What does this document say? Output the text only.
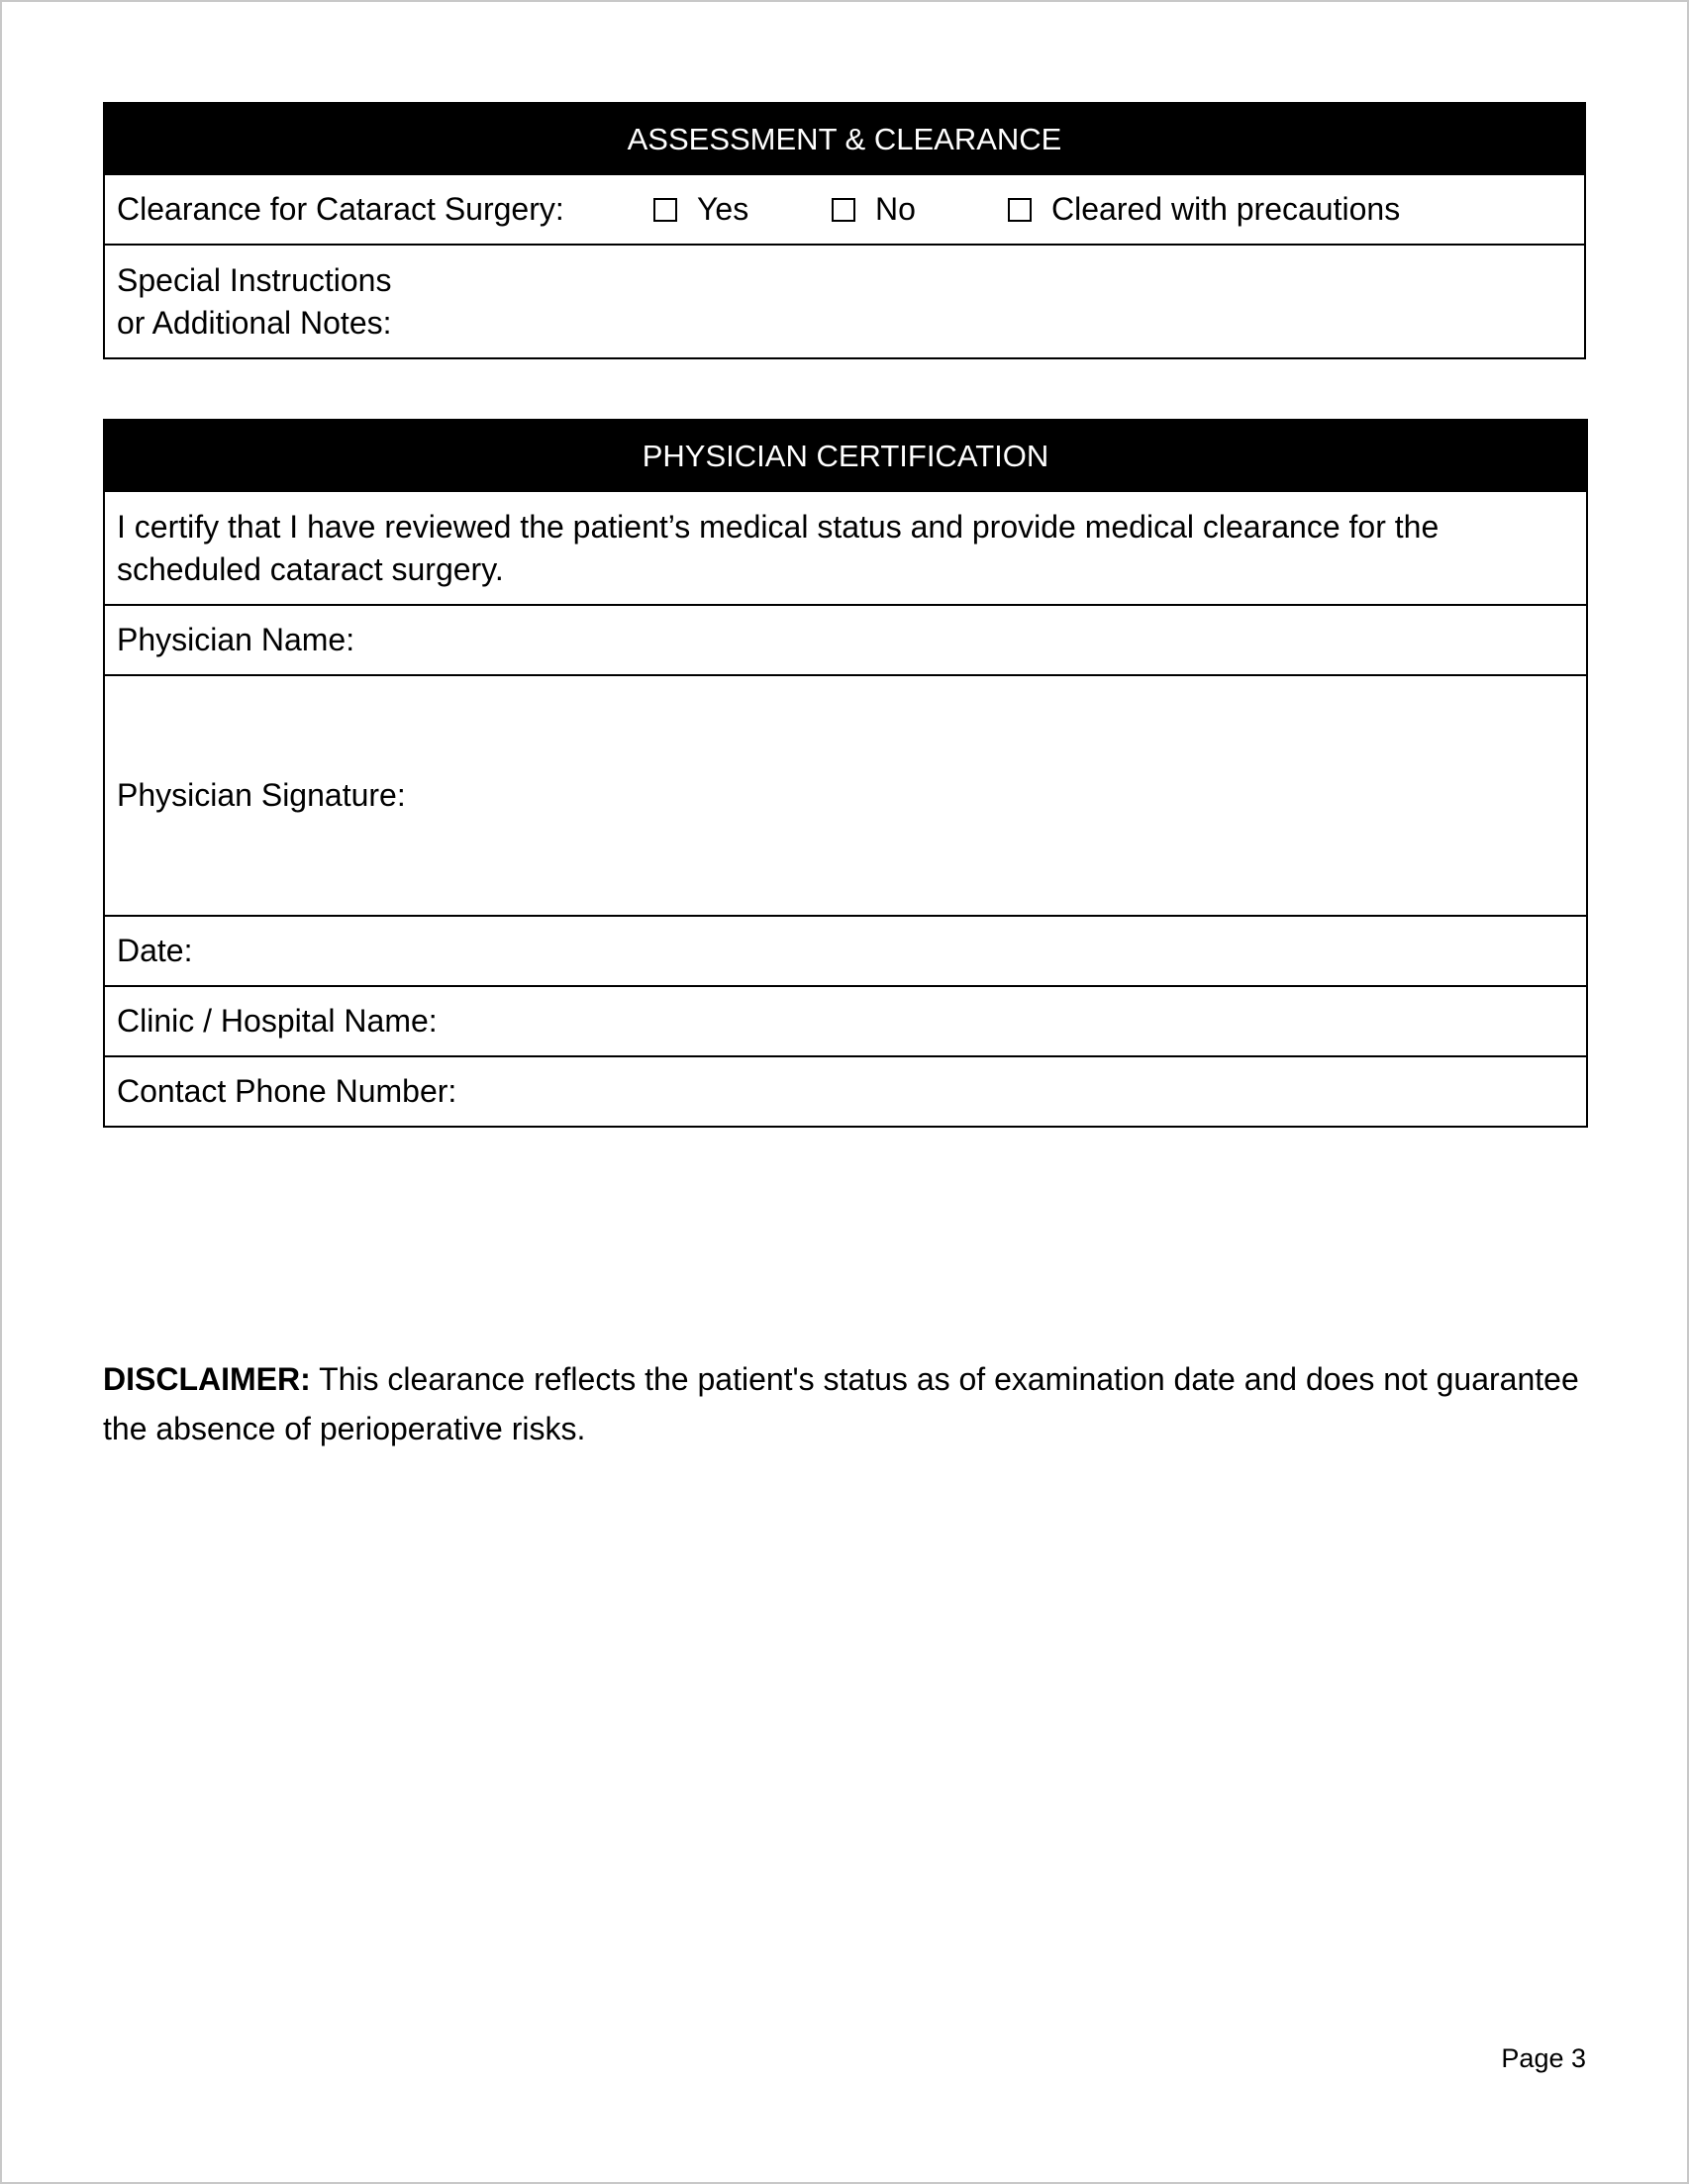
ASSESSMENT & CLEARANCE

Clearance for Cataract Surgery:	Yes	No	Cleared with precautions

Special Instructions
or Additional Notes:
PHYSICIAN CERTIFICATION
I certify that I have reviewed the patient’s medical status and provide medical clearance for the scheduled cataract surgery.
Physician Name:
Physician Signature:
Date:
Clinic / Hospital Name:
Contact Phone Number:
DISCLAIMER: This clearance reflects the patient's status as of examination date and does not guarantee the absence of perioperative risks.
Page 3
